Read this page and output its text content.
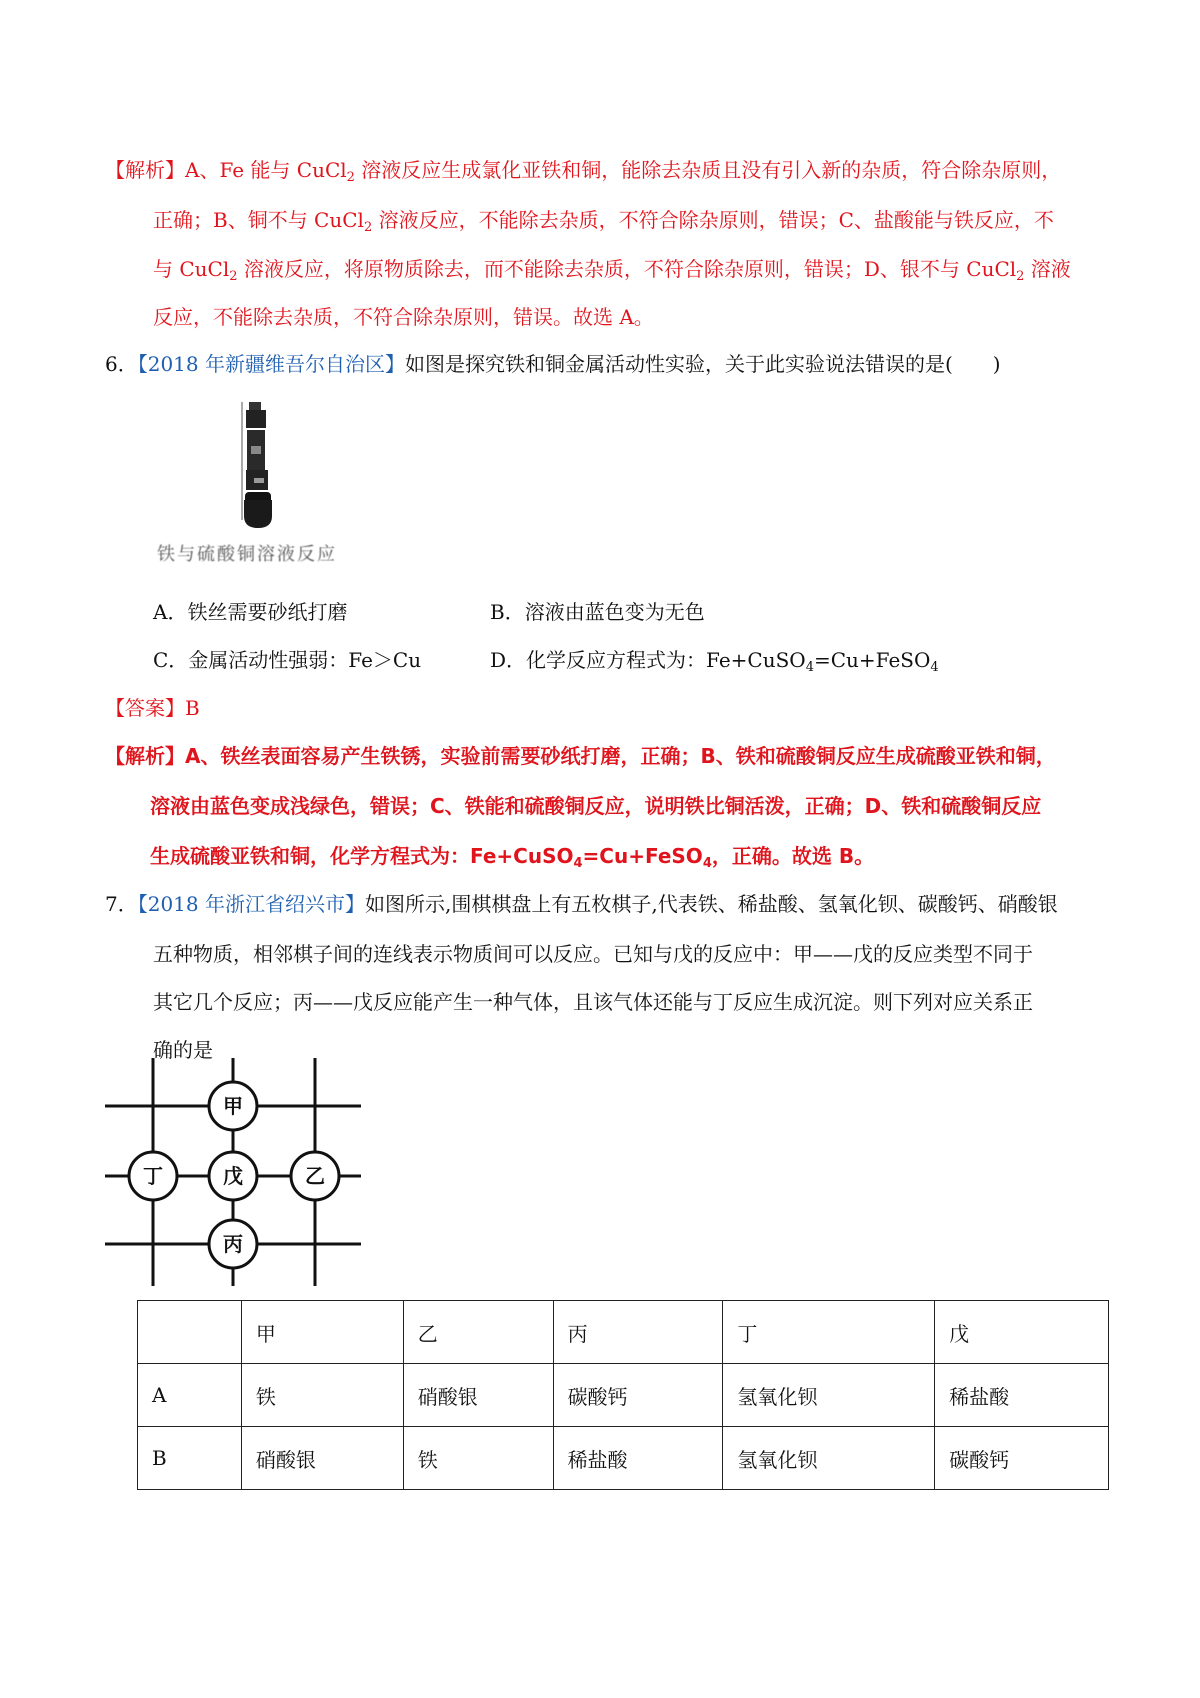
【解析】A、Fe 能与 CuCl$_2$ 溶液反应生成氯化亚铁和铜，能除去杂质且没有引入新的杂质，符合除杂原则，
正确；B、铜不与 CuCl$_2$ 溶液反应，不能除去杂质，不符合除杂原则，错误；C、盐酸能与铁反应，不
与 CuCl$_2$ 溶液反应，将原物质除去，而不能除去杂质，不符合除杂原则，错误；D、银不与 CuCl$_2$ 溶液
反应，不能除去杂质，不符合除杂原则，错误。故选 A。
6．【2018 年新疆维吾尔自治区】如图是探究铁和铜金属活动性实验，关于此实验说法错误的是(　　)
铁与硫酸铜溶液反应
A．铁丝需要砂纸打磨	B．溶液由蓝色变为无色
C．金属活动性强弱：Fe＞Cu	D．化学反应方程式为：Fe+CuSO$_4$=Cu+FeSO$_4$
【答案】B
【解析】A、铁丝表面容易产生铁锈，实验前需要砂纸打磨，正确；B、铁和硫酸铜反应生成硫酸亚铁和铜，
溶液由蓝色变成浅绿色，错误；C、铁能和硫酸铜反应，说明铁比铜活泼，正确；D、铁和硫酸铜反应
生成硫酸亚铁和铜，化学方程式为：Fe+CuSO$_4$=Cu+FeSO$_4$，正确。故选 B。
7．【2018 年浙江省绍兴市】如图所示,围棋棋盘上有五枚棋子,代表铁、稀盐酸、氢氧化钡、碳酸钙、硝酸银
五种物质，相邻棋子间的连线表示物质间可以反应。已知与戊的反应中：甲——戊的反应类型不同于
其它几个反应；丙——戊反应能产生一种气体，且该气体还能与丁反应生成沉淀。则下列对应关系正
确的是
甲
丁	戊	乙
丙
	甲	乙	丙	丁	戊
A	铁	硝酸银	碳酸钙	氢氧化钡	稀盐酸
B	硝酸银	铁	稀盐酸	氢氧化钡	碳酸钙
